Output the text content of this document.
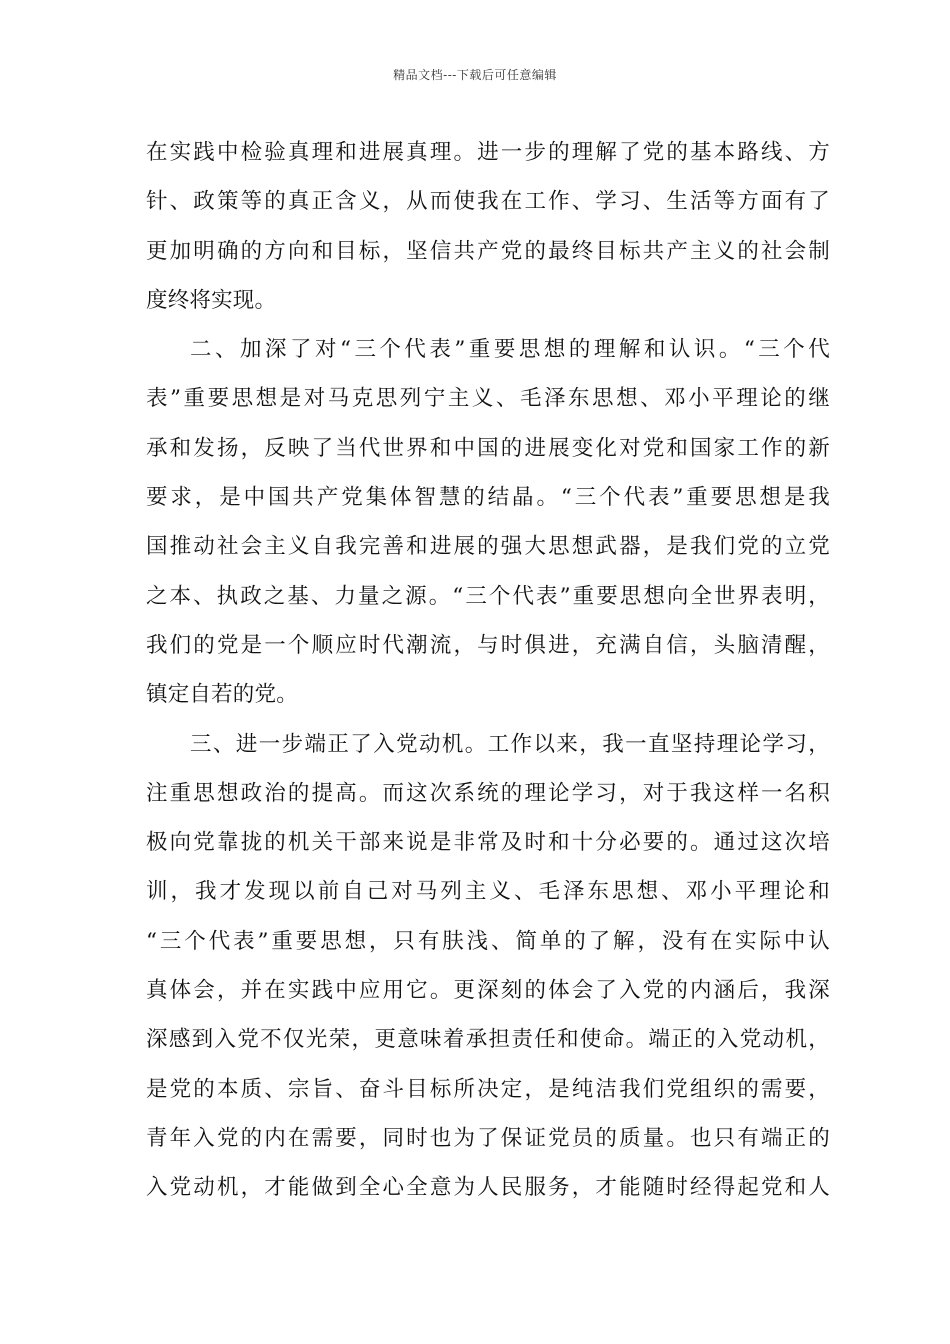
精品文档---下载后可任意编辑
在实践中检验真理和进展真理。进一步的理解了党的基本路线、方
针、政策等的真正含义，从而使我在工作、学习、生活等方面有了
更加明确的方向和目标，坚信共产党的最终目标共产主义的社会制
度终将实现。
二、加深了对“三个代表”重要思想的理解和认识。“三个代
表”重要思想是对马克思列宁主义、毛泽东思想、邓小平理论的继
承和发扬，反映了当代世界和中国的进展变化对党和国家工作的新
要求，是中国共产党集体智慧的结晶。“三个代表”重要思想是我
国推动社会主义自我完善和进展的强大思想武器，是我们党的立党
之本、执政之基、力量之源。“三个代表”重要思想向全世界表明，
我们的党是一个顺应时代潮流，与时俱进，充满自信，头脑清醒，
镇定自若的党。
三、进一步端正了入党动机。工作以来，我一直坚持理论学习，
注重思想政治的提高。而这次系统的理论学习，对于我这样一名积
极向党靠拢的机关干部来说是非常及时和十分必要的。通过这次培
训，我才发现以前自己对马列主义、毛泽东思想、邓小平理论和
“三个代表”重要思想，只有肤浅、简单的了解，没有在实际中认
真体会，并在实践中应用它。更深刻的体会了入党的内涵后，我深
深感到入党不仅光荣，更意味着承担责任和使命。端正的入党动机，
是党的本质、宗旨、奋斗目标所决定，是纯洁我们党组织的需要，
青年入党的内在需要，同时也为了保证党员的质量。也只有端正的
入党动机，才能做到全心全意为人民服务，才能随时经得起党和人
